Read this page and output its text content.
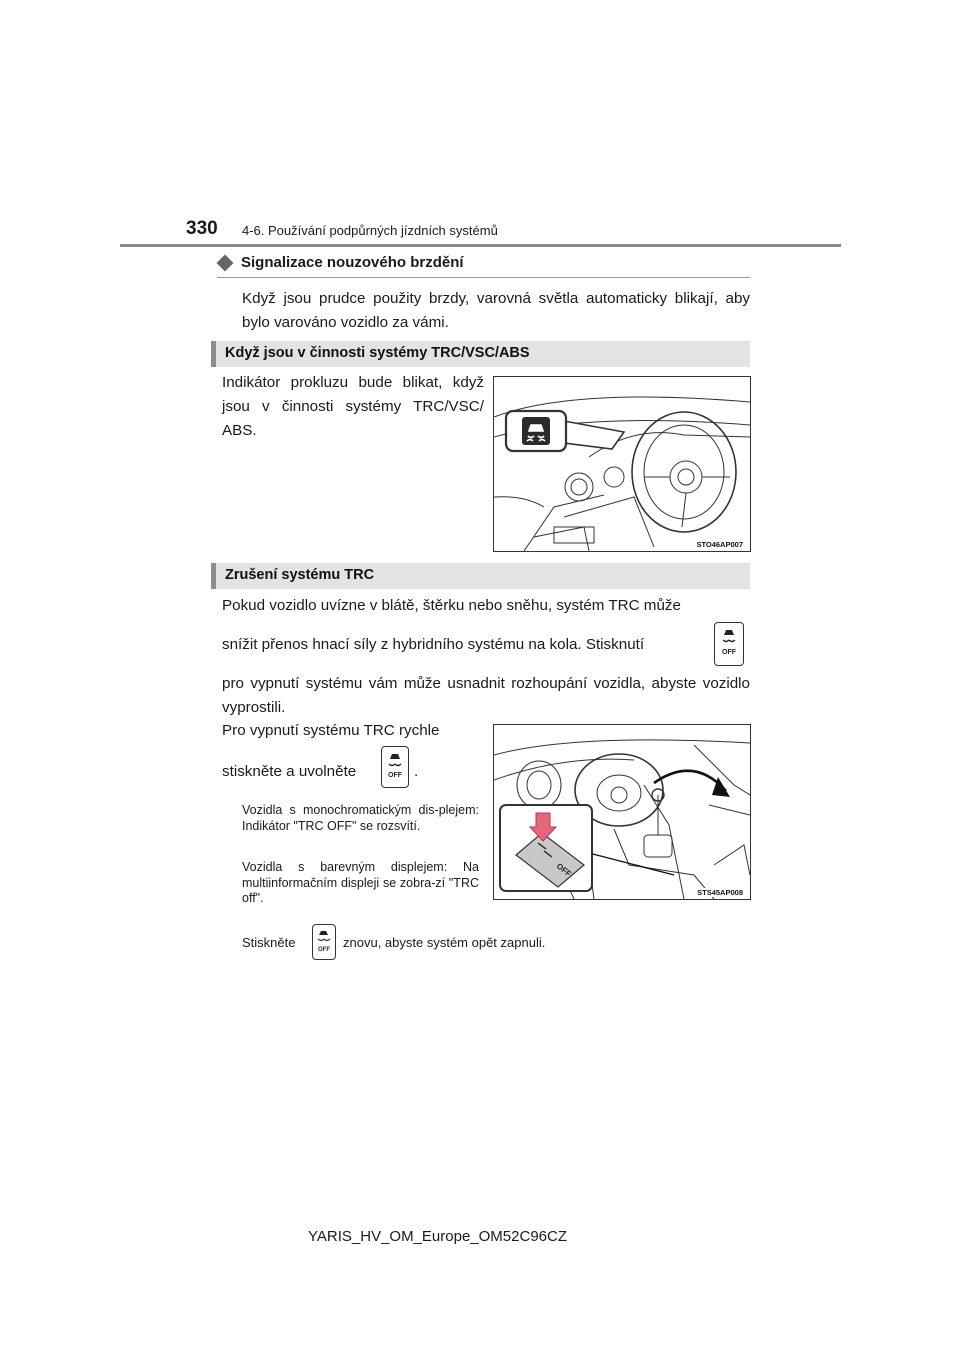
330 4-6. Používání podpůrných jízdních systémů
Signalizace nouzového brzdění
Když jsou prudce použity brzdy, varovná světla automaticky blikají, aby bylo varováno vozidlo za vámi.
Když jsou v činnosti systémy TRC/VSC/ABS
Indikátor prokluzu bude blikat, když jsou v činnosti systémy TRC/VSC/ ABS.
STO46AP007
Zrušení systému TRC
Pokud vozidlo uvízne v blátě, štěrku nebo sněhu, systém TRC může
snížit přenos hnací síly z hybridního systému na kola. Stisknutí	OFF
pro vypnutí systému vám může usnadnit rozhoupání vozidla, abyste vozidlo vyprostili.
Pro vypnutí systému TRC rychle
stiskněte a uvolněte	OFF .
Vozidla s monochromatickým dis-plejem: Indikátor "TRC OFF" se rozsvítí.
Vozidla s barevným displejem: Na multiinformačním displeji se zobra-zí "TRC off".
OFF
STS45AP008
Stiskněte	OFF znovu, abyste systém opět zapnuli.
YARIS_HV_OM_Europe_OM52C96CZ
